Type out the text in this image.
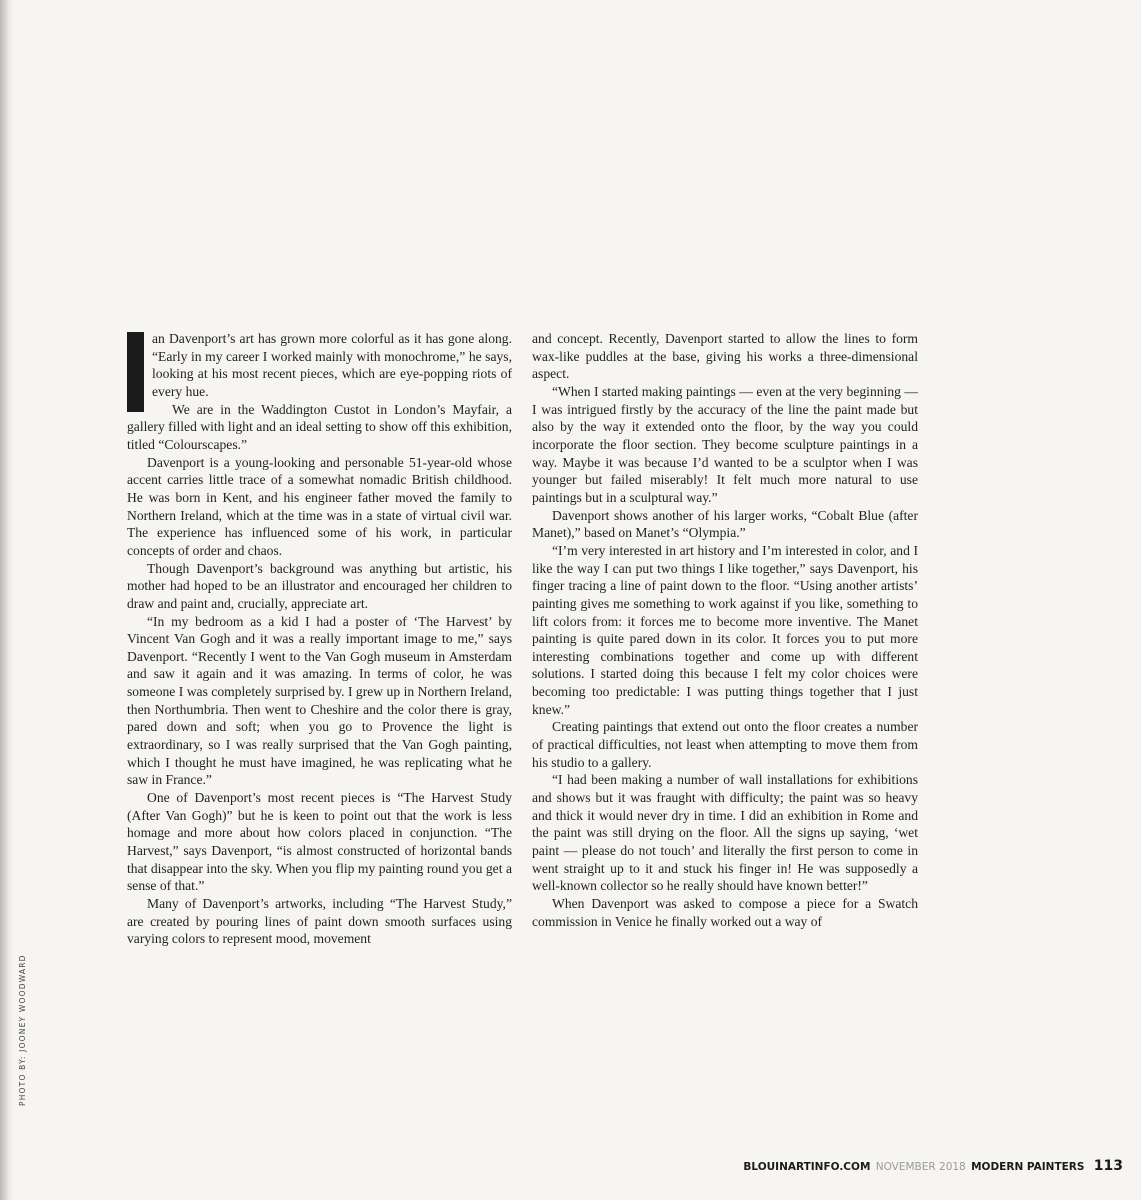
an Davenport’s art has grown more colorful as it has gone along. “Early in my career I worked mainly with monochrome,” he says, looking at his most recent pieces, which are eye-popping riots of every hue.

We are in the Waddington Custot in London’s Mayfair, a gallery filled with light and an ideal setting to show off this exhibition, titled “Colourscapes.”

Davenport is a young-looking and personable 51-year-old whose accent carries little trace of a somewhat nomadic British childhood. He was born in Kent, and his engineer father moved the family to Northern Ireland, which at the time was in a state of virtual civil war. The experience has influenced some of his work, in particular concepts of order and chaos.

Though Davenport’s background was anything but artistic, his mother had hoped to be an illustrator and encouraged her children to draw and paint and, crucially, appreciate art.

“In my bedroom as a kid I had a poster of ‘The Harvest’ by Vincent Van Gogh and it was a really important image to me,” says Davenport. “Recently I went to the Van Gogh museum in Amsterdam and saw it again and it was amazing. In terms of color, he was someone I was completely surprised by. I grew up in Northern Ireland, then Northumbria. Then went to Cheshire and the color there is gray, pared down and soft; when you go to Provence the light is extraordinary, so I was really surprised that the Van Gogh painting, which I thought he must have imagined, he was replicating what he saw in France.”

One of Davenport’s most recent pieces is “The Harvest Study (After Van Gogh)” but he is keen to point out that the work is less homage and more about how colors placed in conjunction. “The Harvest,” says Davenport, “is almost constructed of horizontal bands that disappear into the sky. When you flip my painting round you get a sense of that.”

Many of Davenport’s artworks, including “The Harvest Study,” are created by pouring lines of paint down smooth surfaces using varying colors to represent mood, movement

and concept. Recently, Davenport started to allow the lines to form wax-like puddles at the base, giving his works a three-dimensional aspect.

“When I started making paintings — even at the very beginning — I was intrigued firstly by the accuracy of the line the paint made but also by the way it extended onto the floor, by the way you could incorporate the floor section. They become sculpture paintings in a way. Maybe it was because I’d wanted to be a sculptor when I was younger but failed miserably! It felt much more natural to use paintings but in a sculptural way.”

Davenport shows another of his larger works, “Cobalt Blue (after Manet),” based on Manet’s “Olympia.”

“I’m very interested in art history and I’m interested in color, and I like the way I can put two things I like together,” says Davenport, his finger tracing a line of paint down to the floor. “Using another artists’ painting gives me something to work against if you like, something to lift colors from: it forces me to become more inventive. The Manet painting is quite pared down in its color. It forces you to put more interesting combinations together and come up with different solutions. I started doing this because I felt my color choices were becoming too predictable: I was putting things together that I just knew.”

Creating paintings that extend out onto the floor creates a number of practical difficulties, not least when attempting to move them from his studio to a gallery.

“I had been making a number of wall installations for exhibitions and shows but it was fraught with difficulty; the paint was so heavy and thick it would never dry in time. I did an exhibition in Rome and the paint was still drying on the floor. All the signs up saying, ‘wet paint — please do not touch’ and literally the first person to come in went straight up to it and stuck his finger in! He was supposedly a well-known collector so he really should have known better!”

When Davenport was asked to compose a piece for a Swatch commission in Venice he finally worked out a way of

PHOTO BY: JOONEY WOODWARD
BLOUINARTINFO.COM NOVEMBER 2018 MODERN PAINTERS 113
